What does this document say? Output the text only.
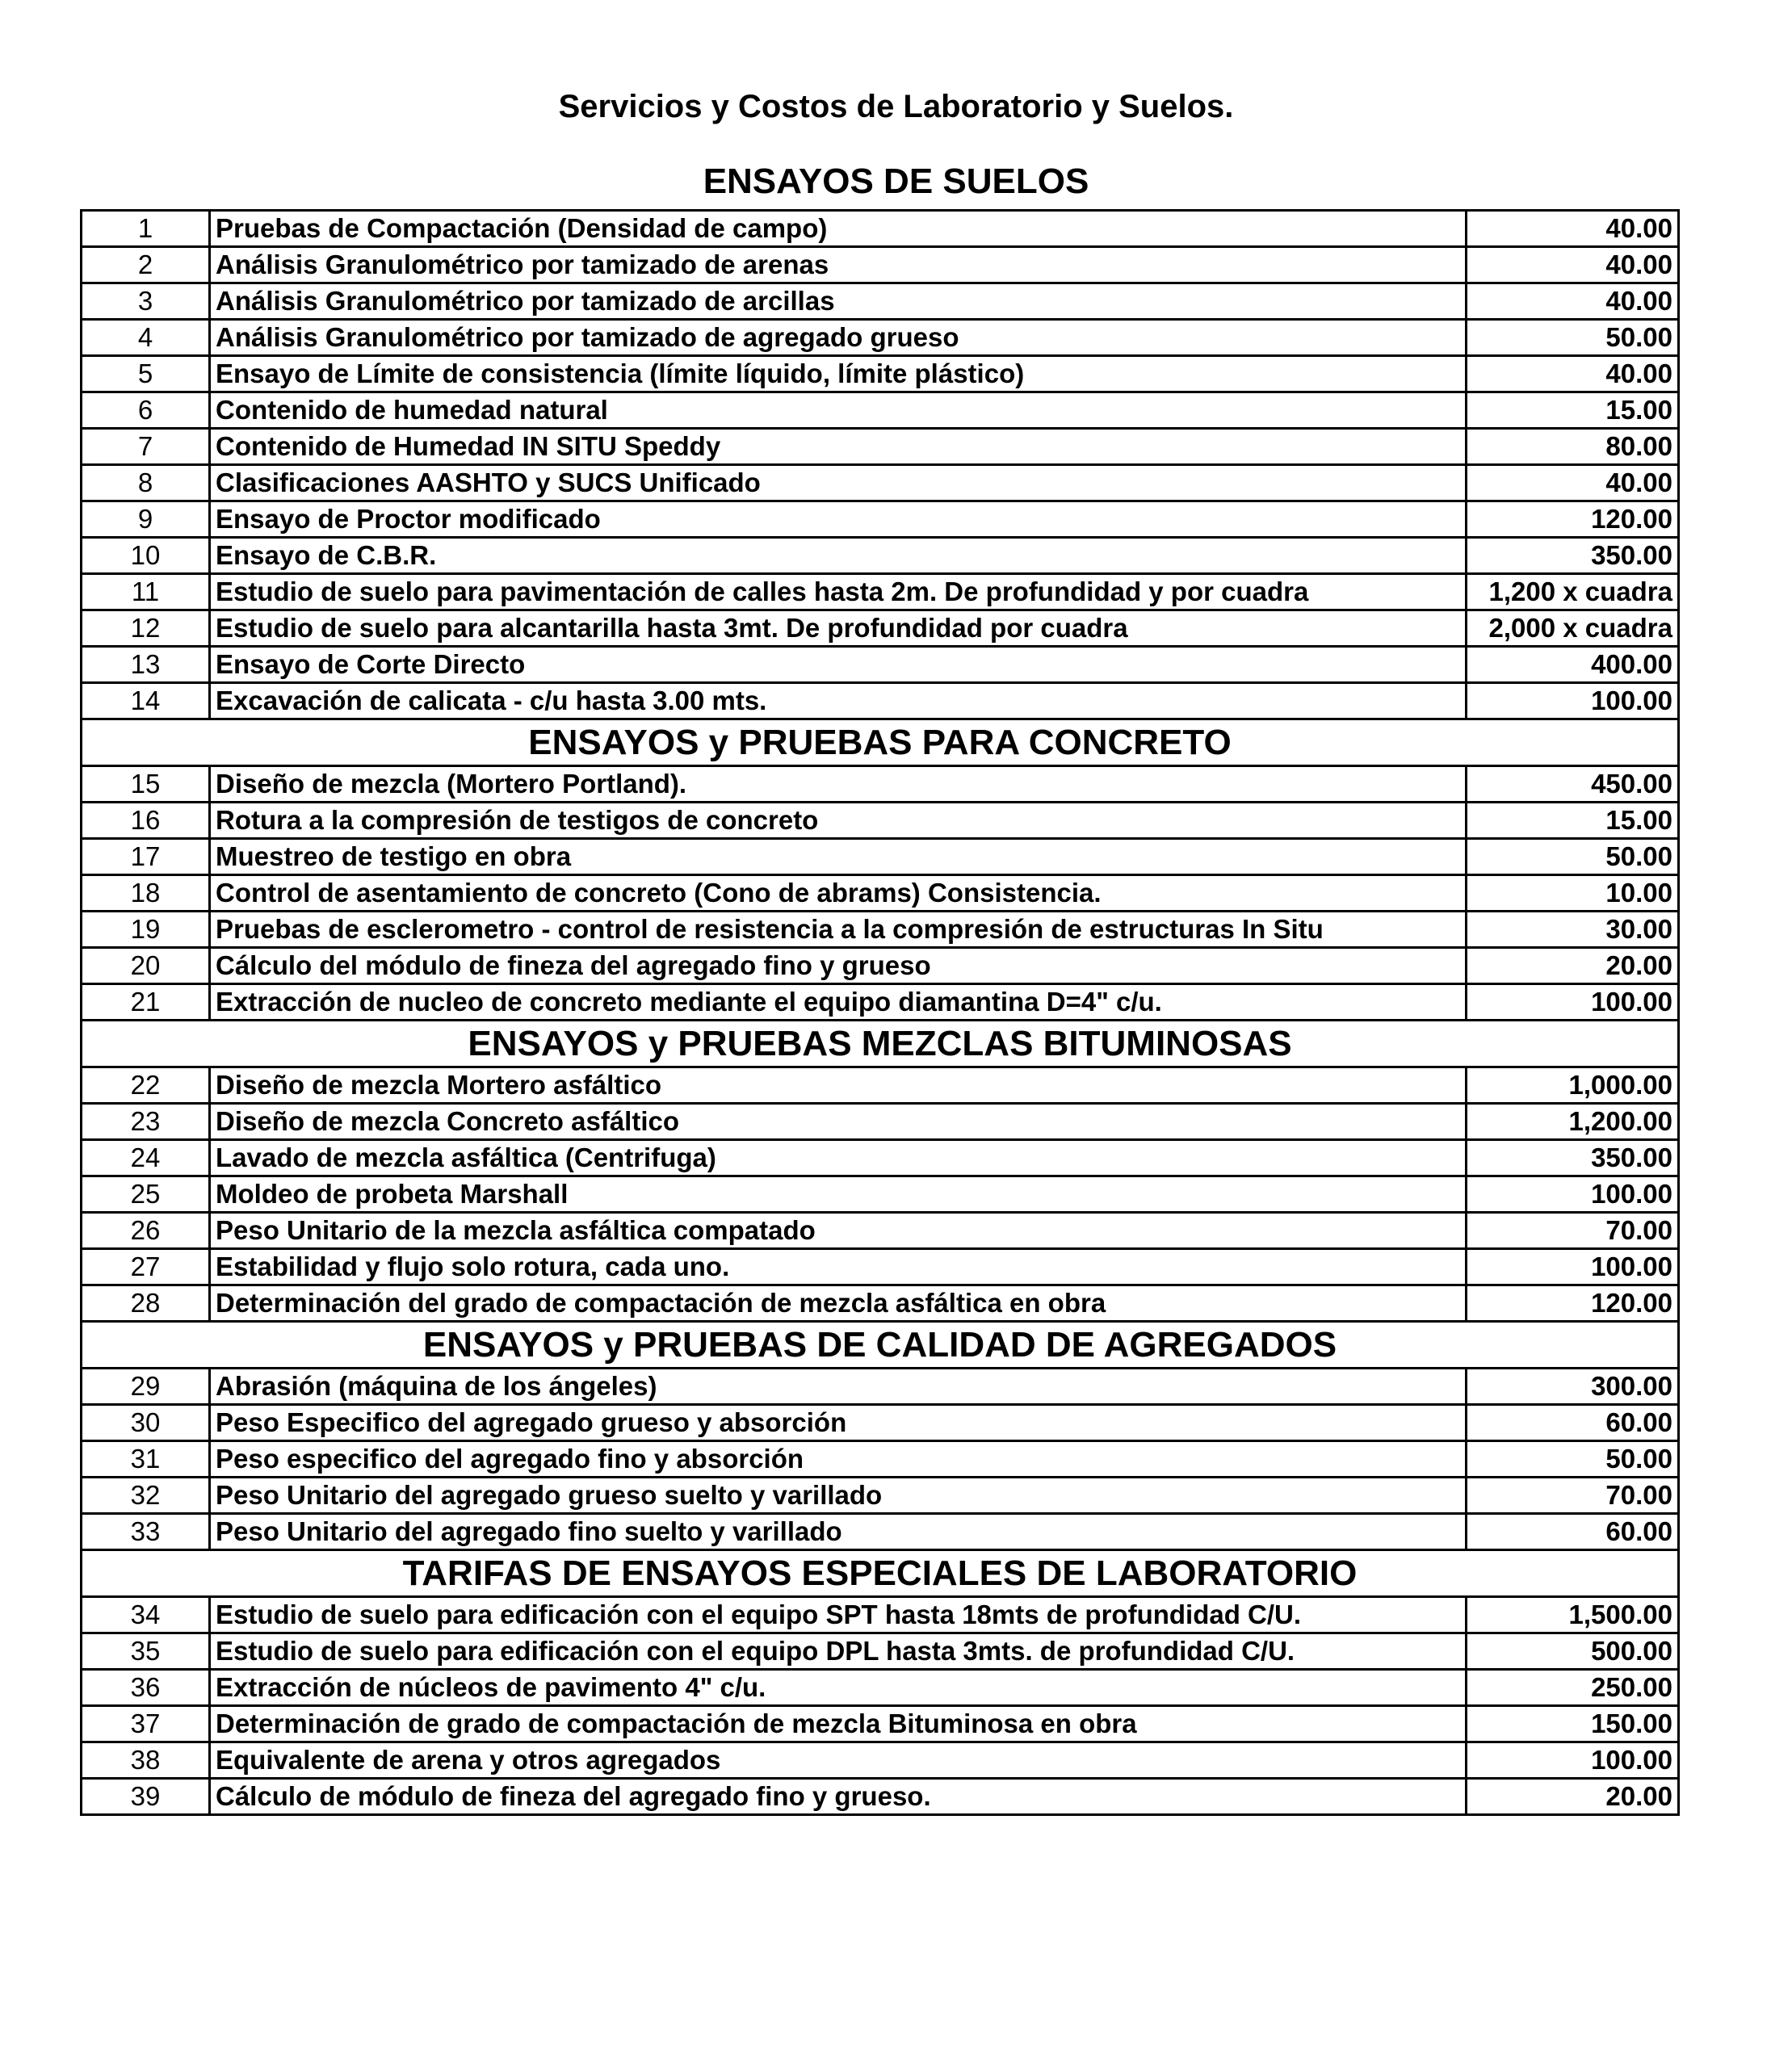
Servicios y Costos de Laboratorio y Suelos.
ENSAYOS DE SUELOS
1	Pruebas de Compactación (Densidad de campo)	40.00
2	Análisis Granulométrico por tamizado de arenas	40.00
3	Análisis Granulométrico por tamizado de arcillas	40.00
4	Análisis Granulométrico por tamizado de agregado grueso	50.00
5	Ensayo de Límite de consistencia (límite líquido, límite plástico)	40.00
6	Contenido de humedad natural	15.00
7	Contenido de Humedad IN SITU Speddy	80.00
8	Clasificaciones AASHTO y SUCS Unificado	40.00
9	Ensayo de Proctor modificado	120.00
10	Ensayo de C.B.R.	350.00
11	Estudio de suelo para pavimentación de calles hasta 2m. De profundidad y por cuadra	1,200 x cuadra
12	Estudio de suelo para alcantarilla hasta 3mt. De profundidad por cuadra	2,000 x cuadra
13	Ensayo de Corte Directo	400.00
14	Excavación de calicata - c/u hasta 3.00 mts.	100.00
ENSAYOS y PRUEBAS PARA CONCRETO		
15	Diseño de mezcla (Mortero Portland).	450.00
16	Rotura a la compresión de testigos de concreto	15.00
17	Muestreo de testigo en obra	50.00
18	Control de asentamiento de concreto (Cono de abrams) Consistencia.	10.00
19	Pruebas de esclerometro - control de resistencia a la compresión de estructuras In Situ	30.00
20	Cálculo del módulo de fineza del agregado fino y grueso	20.00
21	Extracción de nucleo de concreto mediante el equipo diamantina D=4" c/u.	100.00
ENSAYOS y PRUEBAS MEZCLAS BITUMINOSAS		
22	Diseño de mezcla Mortero asfáltico	1,000.00
23	Diseño de mezcla Concreto asfáltico	1,200.00
24	Lavado de mezcla asfáltica (Centrifuga)	350.00
25	Moldeo de probeta Marshall	100.00
26	Peso Unitario de la mezcla asfáltica compatado	70.00
27	Estabilidad y flujo solo rotura, cada uno.	100.00
28	Determinación del grado de compactación de mezcla asfáltica en obra	120.00
ENSAYOS y PRUEBAS DE CALIDAD DE AGREGADOS		
29	Abrasión (máquina de los ángeles)	300.00
30	Peso Especifico del agregado grueso y absorción	60.00
31	Peso especifico del agregado fino y absorción	50.00
32	Peso Unitario del agregado grueso suelto y varillado	70.00
33	Peso Unitario del agregado fino suelto y varillado	60.00
TARIFAS DE ENSAYOS ESPECIALES DE LABORATORIO		
34	Estudio de suelo para edificación con el equipo SPT hasta 18mts de profundidad C/U.	1,500.00
35	Estudio de suelo para edificación con el equipo DPL hasta 3mts. de profundidad C/U.	500.00
36	Extracción de núcleos de pavimento 4" c/u.	250.00
37	Determinación de grado de compactación de mezcla Bituminosa en obra	150.00
38	Equivalente de arena y otros agregados	100.00
39	Cálculo de módulo de fineza del agregado fino y grueso.	20.00
